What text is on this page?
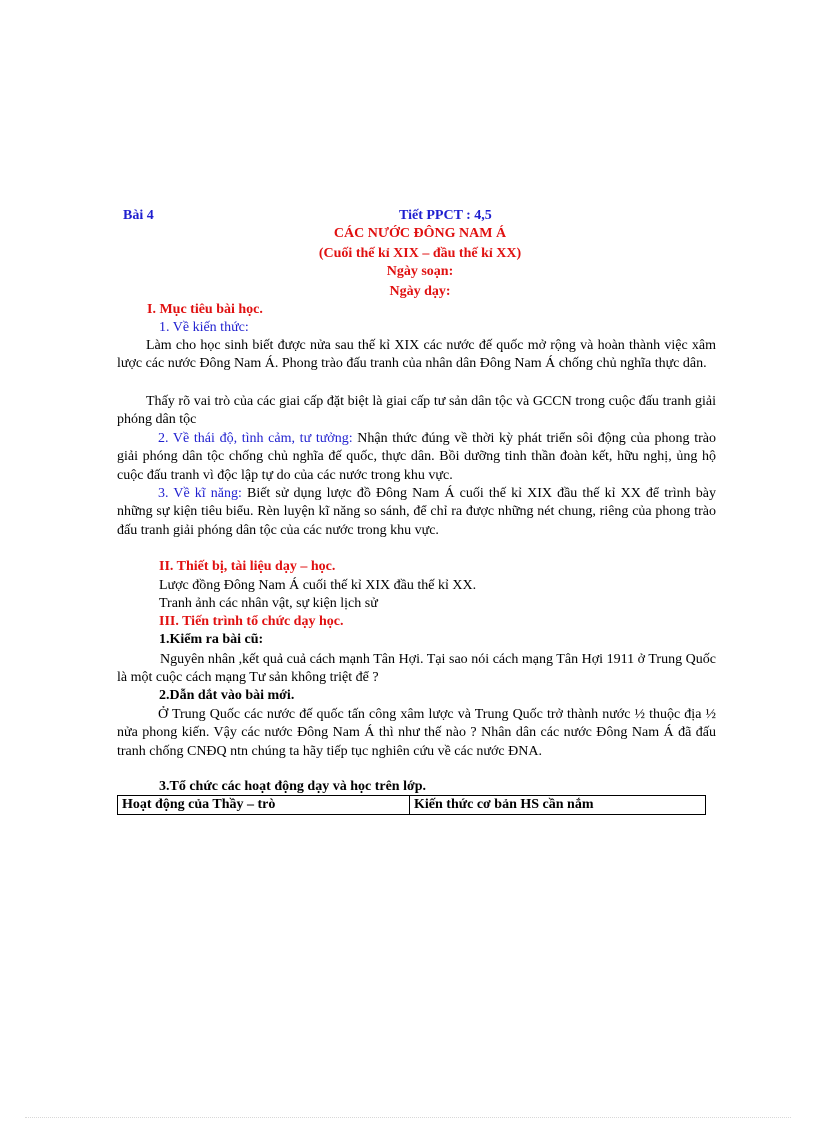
Bài 4	Tiết PPCT : 4,5
CÁC NƯỚC ĐÔNG NAM Á
(Cuối thế kỉ XIX – đầu thế kỉ XX)
Ngày soạn:
Ngày dạy:
I. Mục tiêu bài học.
1. Về kiến thức:
Làm cho học sinh biết được nửa sau thế kỉ XIX các nước đế quốc mở rộng và hoàn thành việc xâm lược các nước Đông Nam Á. Phong trào đấu tranh của nhân dân Đông Nam Á chống chủ nghĩa thực dân.
Thấy rõ vai trò của các giai cấp đặt biệt là giai cấp tư sản dân tộc và GCCN trong cuộc đấu tranh giải phóng dân tộc
2. Về thái độ, tình cảm, tư tưởng: Nhận thức đúng về thời kỳ phát triển sôi động của phong trào giải phóng dân tộc chống chủ nghĩa đế quốc, thực dân. Bồi dưỡng tinh thần đoàn kết, hữu nghị, ủng hộ cuộc đấu tranh vì độc lập tự do của các nước trong khu vực.
3. Về kĩ năng: Biết sử dụng lược đồ Đông Nam Á cuối thế kỉ XIX đầu thế kỉ XX để trình bày những sự kiện tiêu biểu. Rèn luyện kĩ năng so sánh, để chỉ ra được những nét chung, riêng của phong trào đấu tranh giải phóng dân tộc của các nước trong khu vực.
II. Thiết bị, tài liệu dạy – học.
Lược đồng Đông Nam Á cuối thế kỉ XIX đầu thế kỉ XX.
Tranh ảnh các nhân vật, sự kiện lịch sử
III. Tiến trình tổ chức dạy học.
1.Kiểm ra bài cũ:
Nguyên nhân ,kết quả cuả cách mạnh Tân Hợi. Tại sao nói cách mạng Tân Hợi 1911 ở Trung Quốc là một cuộc cách mạng Tư sản không triệt để ?
2.Dẫn dắt vào bài mới.
Ở Trung Quốc các nước đế quốc tấn công xâm lược và Trung Quốc trở thành nước ½ thuộc địa ½ nửa phong kiến. Vậy các nước Đông Nam Á thì như thế nào ? Nhân dân các nước Đông Nam Á đã đấu tranh chống CNĐQ ntn chúng ta hãy tiếp tục nghiên cứu về các nước ĐNA.
3.Tổ chức các hoạt động dạy và học trên lớp.
Hoạt động của Thầy – trò	Kiến thức cơ bản HS cần nắm
